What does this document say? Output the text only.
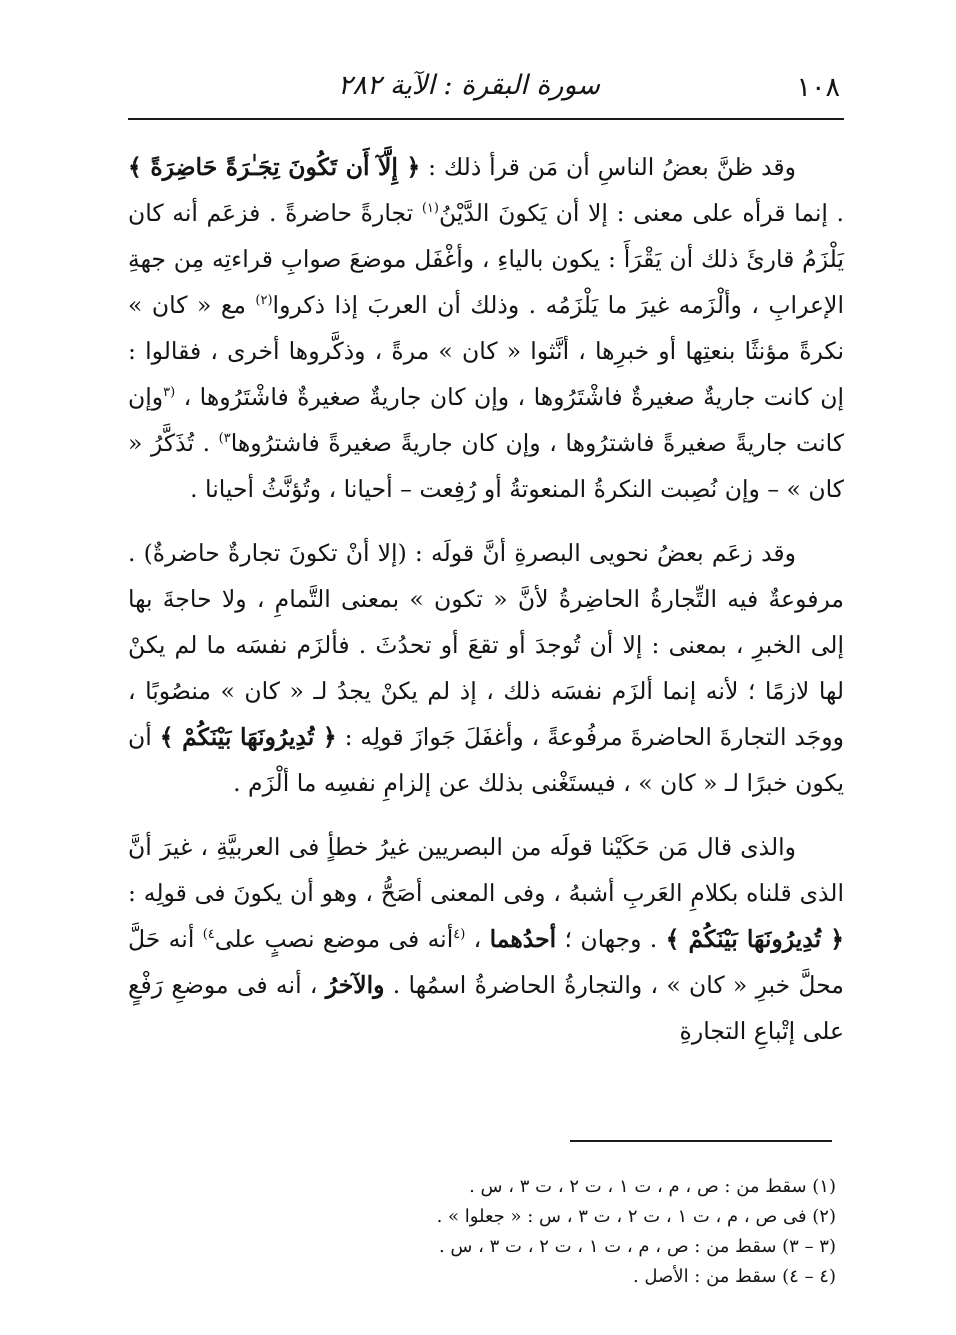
١٠٨
سورة البقرة : الآية ٢٨٢

وقد ظنَّ بعضُ الناسِ أن مَن قرأ ذلك : ﴿ إِلَّآ أَن تَكُونَ تِجَـٰرَةً حَاضِرَةً ﴾ . إنما قرأه على معنى : إلا أن يَكونَ الدَّيْنُ$^{(١)}$ تجارةً حاضرةً . فزعَم أنه كان يَلْزَمُ قارئَ ذلك أن يَقْرَأَ : يكون بالياءِ ، وأغْفَل موضعَ صوابِ قراءتِه مِن جهةِ الإعرابِ ، وألْزَمه غيرَ ما يَلْزَمُه . وذلك أن العربَ إذا ذكروا$^{(٢)}$ مع « كان » نكرةً مؤنثًا بنعتِها أو خبرِها ، أنَّثوا « كان » مرةً ، وذكَّروها أخرى ، فقالوا : إن كانت جاريةٌ صغيرةٌ فاشْتَرُوها ، وإن كان جاريةٌ صغيرةٌ فاشْتَرُوها ، $^{(٣}$وإن كانت جاريةً صغيرةً فاشترُوها ، وإن كان جاريةً صغيرةً فاشترُوها$^{٣)}$ . تُذَكَّرُ « كان » – وإن نُصِبت النكرةُ المنعوتةُ أو رُفِعت – أحيانا ، وتُؤنَّثُ أحيانا .

وقد زعَم بعضُ نحويى البصرةِ أنَّ قولَه : (إلا أنْ تكونَ تجارةٌ حاضرةٌ) . مرفوعةٌ فيه التِّجارةُ الحاضِرةُ لأنَّ « تكون » بمعنى التَّمامِ ، ولا حاجةَ بها إلى الخبرِ ، بمعنى : إلا أن تُوجدَ أو تقعَ أو تحدُثَ . فألزَم نفسَه ما لم يكنْ لها لازمًا ؛ لأنه إنما ألزَم نفسَه ذلك ، إذ لم يكنْ يجدُ لـ « كان » منصُوبًا ، ووجَد التجارةَ الحاضرةَ مرفُوعةً ، وأغفَلَ جَوازَ قولِه : ﴿ تُدِيرُونَهَا بَيْنَكُمْ ﴾ أن يكون خبرًا لـ « كان » ، فيستَغْنى بذلك عن إلزامِ نفسِه ما ألْزَم .

والذى قال مَن حَكَيْنا قولَه من البصريين غيرُ خطأٍ فى العربيَّةِ ، غيرَ أنَّ الذى قلناه بكلامِ العَربِ أشبهُ ، وفى المعنى أصَحُّ ، وهو أن يكونَ فى قولِه : ﴿ تُدِيرُونَهَا بَيْنَكُمْ ﴾ . وجهان ؛ أحدُهما ، $^{(٤}$أنه فى موضع نصبٍ على$^{٤)}$ أنه حَلَّ محلَّ خبرِ « كان » ، والتجارةُ الحاضرةُ اسمُها . والآخرُ ، أنه فى موضعِ رَفْعٍ على إتْباعِ التجارةِ

(١) سقط من : ص ، م ، ت ١ ، ت ٢ ، ت ٣ ، س .

(٢) فى ص ، م ، ت ١ ، ت ٢ ، ت ٣ ، س : « جعلوا » .

(٣ – ٣) سقط من : ص ، م ، ت ١ ، ت ٢ ، ت ٣ ، س .

(٤ – ٤) سقط من : الأصل .
